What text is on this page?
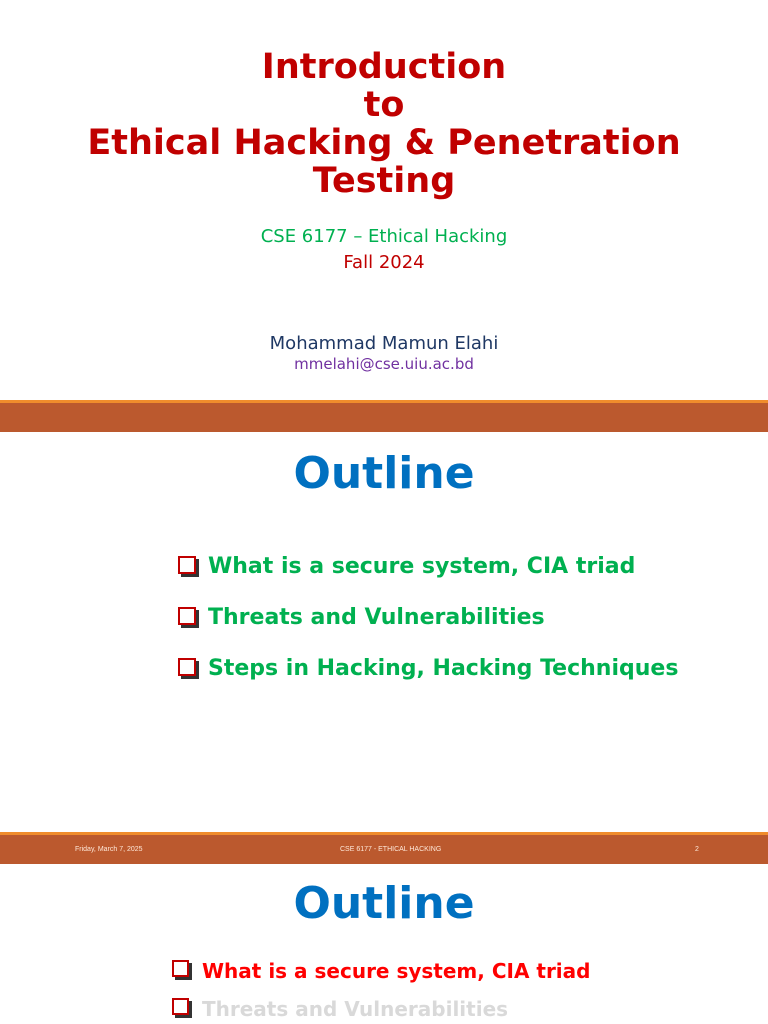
Introduction
to
Ethical Hacking & Penetration
Testing
CSE 6177 – Ethical Hacking
Fall 2024
Mohammad Mamun Elahi
mmelahi@cse.uiu.ac.bd
Outline
What is a secure system, CIA triad
Threats and Vulnerabilities
Steps in Hacking, Hacking Techniques
Friday, March 7, 2025	CSE 6177 - ETHICAL HACKING	2
Outline
What is a secure system, CIA triad
Threats and Vulnerabilities
